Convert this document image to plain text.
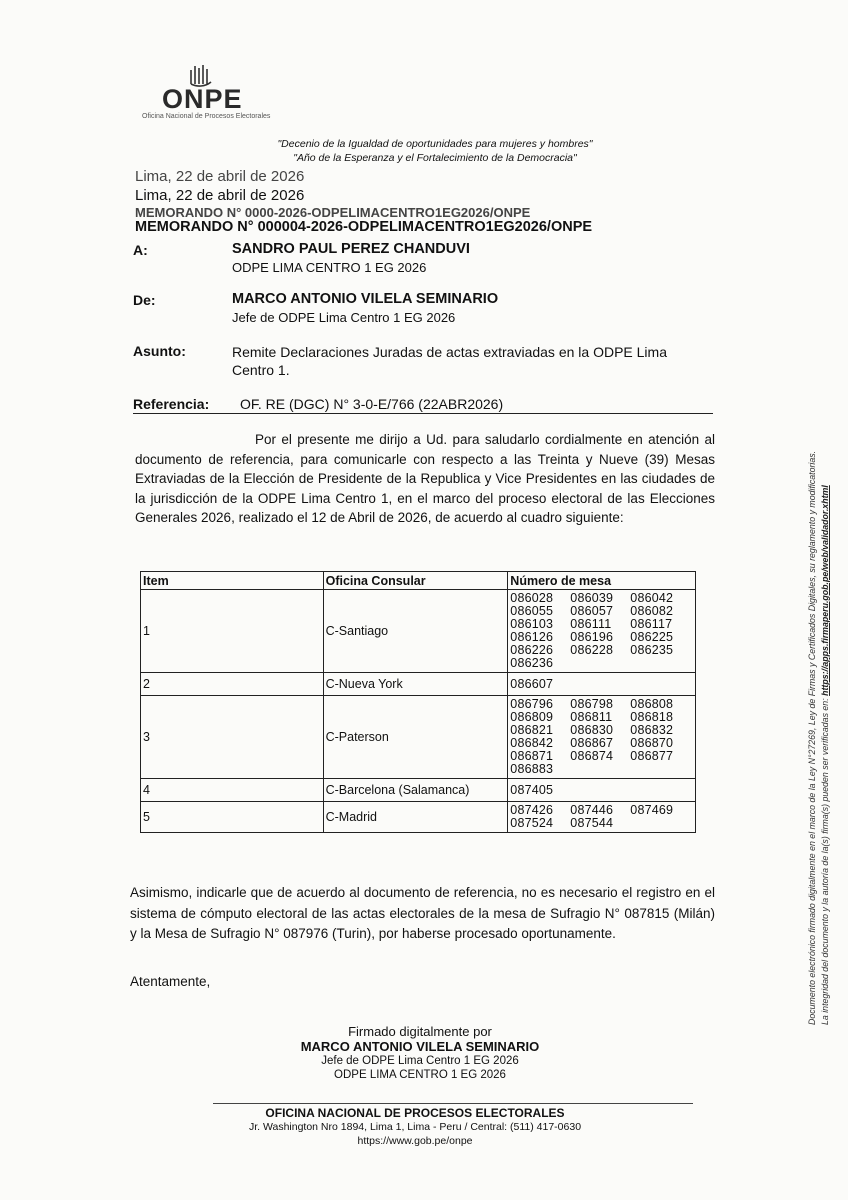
ONPE
Oficina Nacional de Procesos Electorales
"Decenio de la Igualdad de oportunidades para mujeres y hombres"
"Año de la Esperanza y el Fortalecimiento de la Democracia"
Lima, 22 de abril de 2026
Lima, 22 de abril de 2026
MEMORANDO N° 0000-2026-ODPELIMACENTRO1EG2026/ONPE
MEMORANDO N° 000004-2026-ODPELIMACENTRO1EG2026/ONPE
A:	SANDRO PAUL PEREZ CHANDUVI
ODPE LIMA CENTRO 1 EG 2026
De:	MARCO ANTONIO VILELA SEMINARIO
Jefe de ODPE Lima Centro 1 EG 2026
Asunto:	Remite Declaraciones Juradas de actas extraviadas en la ODPE Lima Centro 1.
Referencia: OF. RE (DGC) N° 3-0-E/766 (22ABR2026)
Por el presente me dirijo a Ud. para saludarlo cordialmente en atención al documento de referencia, para comunicarle con respecto a las Treinta y Nueve (39) Mesas Extraviadas de la Elección de Presidente de la Republica y Vice Presidentes en las ciudades de la jurisdicción de la ODPE Lima Centro 1, en el marco del proceso electoral de las Elecciones Generales 2026, realizado el 12 de Abril de 2026, de acuerdo al cuadro siguiente:
Item	Oficina Consular	Número de mesa
1	C-Santiago	086028 086039 086042086055 086057 086082086103 086111 086117086126 086196 086225086226 086228 086235086236

2	C-Nueva York	086607

3	C-Paterson	086796 086798 086808086809 086811 086818086821 086830 086832086842 086867 086870086871 086874 086877086883

4	C-Barcelona (Salamanca)	087405

5	C-Madrid	087426 087446 087469087524 087544
Asimismo, indicarle que de acuerdo al documento de referencia, no es necesario el registro en el sistema de cómputo electoral de las actas electorales de la mesa de Sufragio N° 087815 (Milán) y la Mesa de Sufragio N° 087976 (Turin), por haberse procesado oportunamente.
Atentamente,
Firmado digitalmente por
MARCO ANTONIO VILELA SEMINARIO
Jefe de ODPE Lima Centro 1 EG 2026
ODPE LIMA CENTRO 1 EG 2026
OFICINA NACIONAL DE PROCESOS ELECTORALES
Jr. Washington Nro 1894, Lima 1, Lima - Peru / Central: (511) 417-0630
https://www.gob.pe/onpe
Documento electrónico firmado digitalmente en el marco de la Ley N°27269, Ley de Firmas y Certificados Digitales, su reglamento y modificatorias. La integridad del documento y la autoría de la(s) firma(s) pueden ser verificadas en: https://apps.firmaperu.gob.pe/web/validador.xhtml
